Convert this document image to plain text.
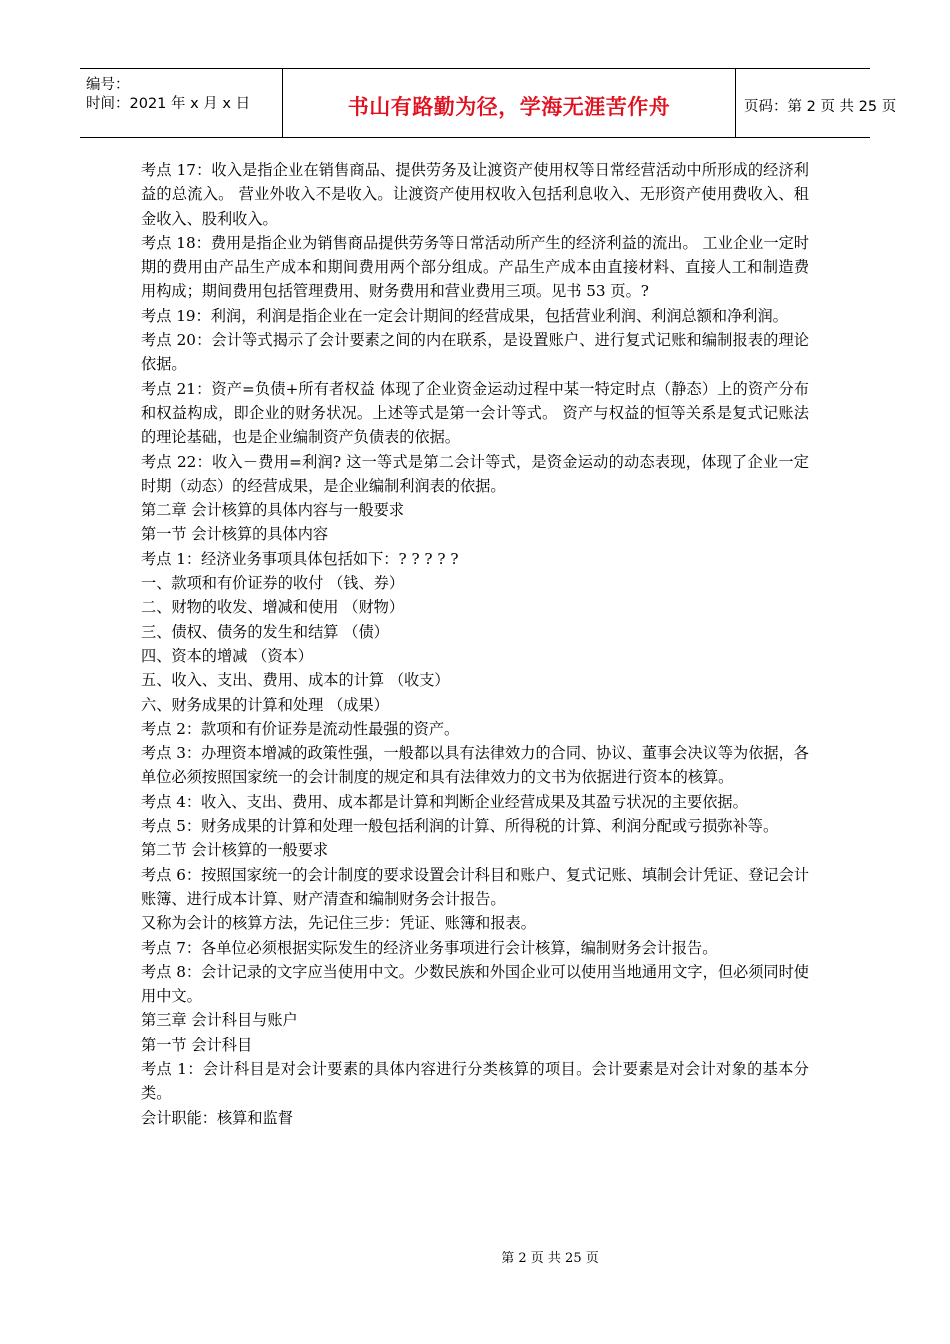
编号：
时间：2021 年 x 月 x 日	书山有路勤为径，学海无涯苦作舟	页码：第 2 页 共 25 页

考点 17：收入是指企业在销售商品、提供劳务及让渡资产使用权等日常经营活动中所形成的经济利益的总流入。 营业外收入不是收入。让渡资产使用权收入包括利息收入、无形资产使用费收入、租金收入、股利收入。

考点 18：费用是指企业为销售商品提供劳务等日常活动所产生的经济利益的流出。 工业企业一定时期的费用由产品生产成本和期间费用两个部分组成。产品生产成本由直接材料、直接人工和制造费用构成；期间费用包括管理费用、财务费用和营业费用三项。见书 53 页。?

考点 19：利润，利润是指企业在一定会计期间的经营成果，包括营业利润、利润总额和净利润。

考点 20：会计等式揭示了会计要素之间的内在联系，是设置账户、进行复式记账和编制报表的理论依据。

考点 21：资产=负债+所有者权益 体现了企业资金运动过程中某一特定时点（静态）上的资产分布和权益构成，即企业的财务状况。上述等式是第一会计等式。 资产与权益的恒等关系是复式记账法的理论基础，也是企业编制资产负债表的依据。

考点 22：收入－费用=利润? 这一等式是第二会计等式，是资金运动的动态表现，体现了企业一定时期（动态）的经营成果，是企业编制利润表的依据。

第二章 会计核算的具体内容与一般要求

第一节 会计核算的具体内容

考点 1：经济业务事项具体包括如下：? ? ? ? ?

一、款项和有价证券的收付 （钱、券）

二、财物的收发、增减和使用 （财物）

三、债权、债务的发生和结算 （债）

四、资本的增减 （资本）

五、收入、支出、费用、成本的计算 （收支）

六、财务成果的计算和处理 （成果）

考点 2：款项和有价证券是流动性最强的资产。

考点 3：办理资本增减的政策性强，一般都以具有法律效力的合同、协议、董事会决议等为依据，各单位必须按照国家统一的会计制度的规定和具有法律效力的文书为依据进行资本的核算。

考点 4：收入、支出、费用、成本都是计算和判断企业经营成果及其盈亏状况的主要依据。

考点 5：财务成果的计算和处理一般包括利润的计算、所得税的计算、利润分配或亏损弥补等。

第二节 会计核算的一般要求

考点 6：按照国家统一的会计制度的要求设置会计科目和账户、复式记账、填制会计凭证、登记会计账簿、进行成本计算、财产清查和编制财务会计报告。

又称为会计的核算方法，先记住三步：凭证、账簿和报表。

考点 7：各单位必须根据实际发生的经济业务事项进行会计核算，编制财务会计报告。

考点 8：会计记录的文字应当使用中文。少数民族和外国企业可以使用当地通用文字，但必须同时使用中文。

第三章 会计科目与账户

第一节 会计科目

考点 1：会计科目是对会计要素的具体内容进行分类核算的项目。会计要素是对会计对象的基本分类。

会计职能：核算和监督

第 2 页 共 25 页
